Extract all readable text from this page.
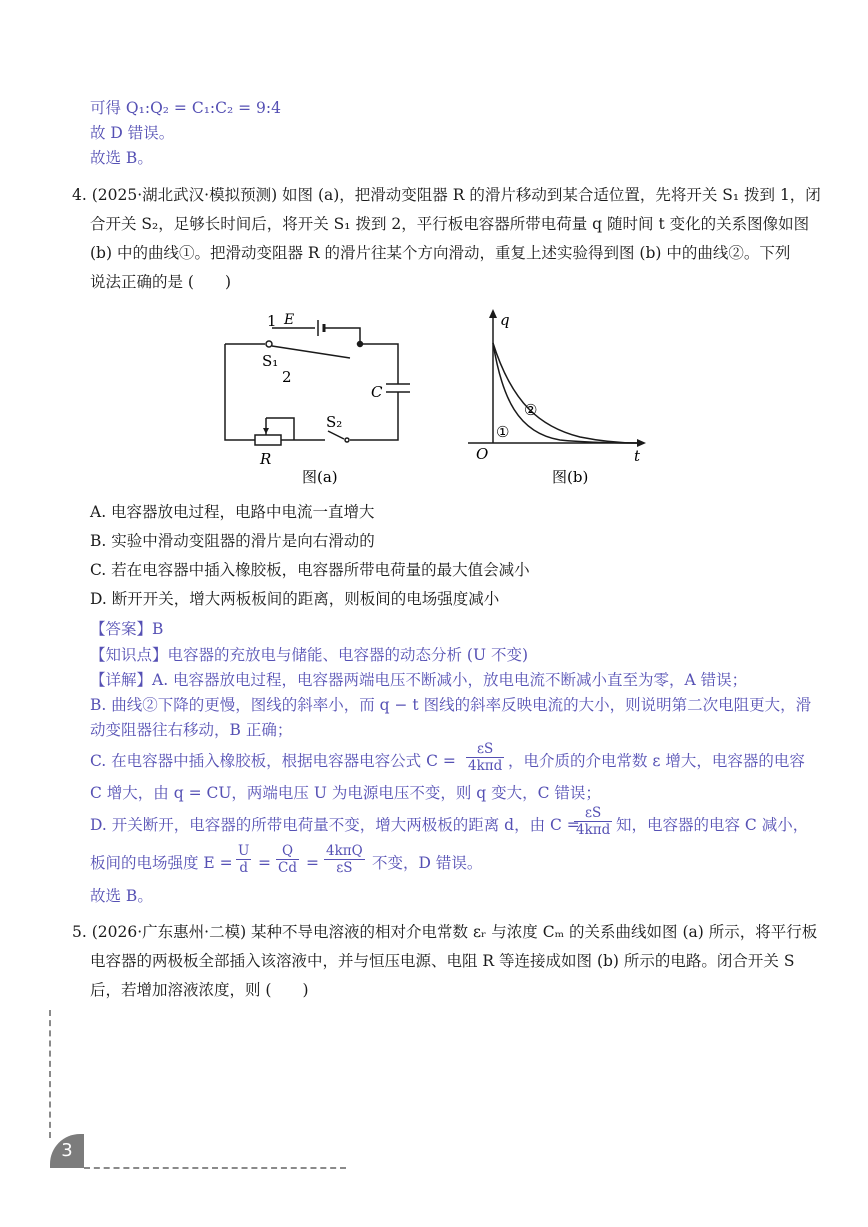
可得 Q₁:Q₂ = C₁:C₂ = 9:4
故 D 错误。
故选 B。
4. (2025·湖北武汉·模拟预测) 如图 (a)，把滑动变阻器 R 的滑片移动到某合适位置，先将开关 S₁ 拨到 1，闭
合开关 S₂，足够长时间后，将开关 S₁ 拨到 2，平行板电容器所带电荷量 q 随时间 t 变化的关系图像如图
(b) 中的曲线①。把滑动变阻器 R 的滑片往某个方向滑动，重复上述实验得到图 (b) 中的曲线②。下列
说法正确的是 (　　)
E
1
S₁
2
C
S₂
R
图(a)
q
O	t
①
②
图(b)
A. 电容器放电过程，电路中电流一直增大
B. 实验中滑动变阻器的滑片是向右滑动的
C. 若在电容器中插入橡胶板，电容器所带电荷量的最大值会减小
D. 断开开关，增大两板板间的距离，则板间的电场强度减小
【答案】B
【知识点】电容器的充放电与储能、电容器的动态分析 (U 不变)
【详解】A. 电容器放电过程，电容器两端电压不断减小，放电电流不断减小直至为零，A 错误；
B. 曲线②下降的更慢，图线的斜率小，而 q − t 图线的斜率反映电流的大小，则说明第二次电阻更大，滑
动变阻器往右移动，B 正确；
C. 在电容器中插入橡胶板，根据电容器电容公式 C =
εS
4kπd ，电介质的介电常数 ε 增大，电容器的电容
C 增大，由 q = CU，两端电压 U 为电源电压不变，则 q 变大，C 错误；
D. 开关断开，电容器的所带电荷量不变，增大两极板的距离 d，由 C =
εS
4kπd 知，电容器的电容 C 减小，
板间的电场强度 $E = \frac{U}{d} = \frac{Q}{Cd}$ =
4kπQ
εS	不变，D 错误。
故选 B。
5. (2026·广东惠州·二模) 某种不导电溶液的相对介电常数 εᵣ 与浓度 Cₘ 的关系曲线如图 (a) 所示，将平行板
电容器的两极板全部插入该溶液中，并与恒压电源、电阻 R 等连接成如图 (b) 所示的电路。闭合开关 S
后，若增加溶液浓度，则 (　　)
3
